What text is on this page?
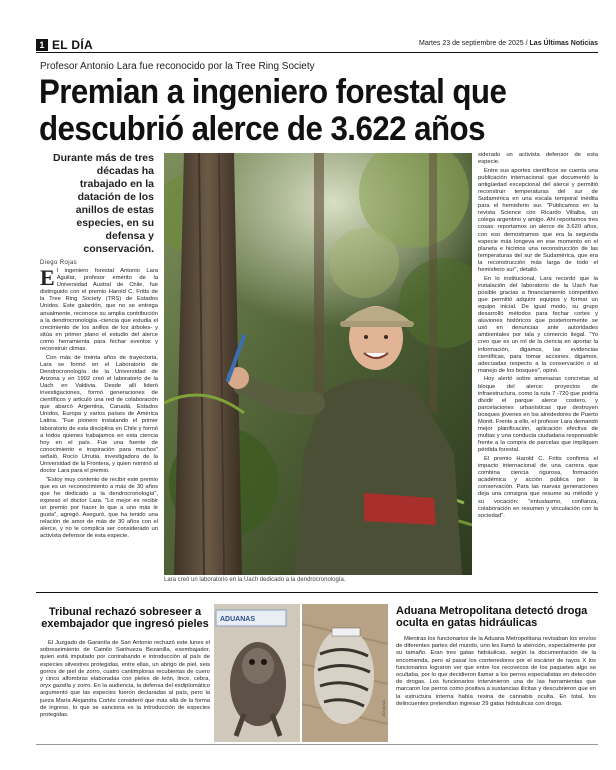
1 EL DÍA	Martes 23 de septiembre de 2025 / Las Últimas Noticias
Profesor Antonio Lara fue reconocido por la Tree Ring Society
Premian a ingeniero forestal que
descubrió alerce de 3.622 años
Durante más de tres décadas ha trabajado en la datación de los anillos de estas especies, en su defensa y conservación.
Diego Rojas

El ingeniero forestal Antonio Lara Aguilar, profesor emérito de la Universidad Austral de Chile, fue distinguido con el premio Harold C. Fritts de la Tree Ring Society (TRS) de Estados Unidos. Este galardón, que no se entrega anualmente, reconoce su amplia contribución a la dendrocronología -ciencia que estudia el crecimiento de los anillos de los árboles- y sitúa en primer plano el estudio del alerce como herramienta para fechar eventos y reconstruir climas.

Con más de treinta años de trayectoria, Lara se formó en el Laboratorio de Dendrocronología de la Universidad de Arizona y en 1992 creó el laboratorio de la Uach en Valdivia. Desde allí lideró investigaciones, formó generaciones de científicos y articuló una red de colaboración que abarcó Argentina, Canadá, Estados Unidos, Europa y varios países de América Latina. "Fue pionero instalando el primer laboratorio de esta disciplina en Chile y formó a todos quienes trabajamos en esta ciencia hoy en el país. Fue una fuente de conocimiento e inspiración para muchos" señaló, Rocío Urrutia, investigadora de la Universidad de la Frontera, y quien nominó al doctor Lara para el premio.

"Estoy muy contento de recibir este premio que es un reconocimiento a más de 30 años que he dedicado a la dendrocronología", expresó el doctor Lara. "Lo mejor es recibir un premio por hacer lo que a uno más le gusta", agregó. Aseguró, que ha tenido una relación de amor de más de 30 años con el alerce, y no le complica ser considerado un activista defensor de esta especie.

Lara creó un laboratorio en la Uach dedicado a la dendrocronología.

siderado un activista defensor de esta especie.

Entre sus aportes científicos se cuenta una publicación internacional que documentó la antigüedad excepcional del alerce y permitió reconstruir temperaturas del sur de Sudamérica en una escala temporal inédita para el hemisferio sur. "Publicamos en la revista Science con Ricardo Villalba, un colega argentino y amigo. Ahí reportamos tres cosas: reportamos un alerce de 3.620 años, con eso demostramos que era la segunda especie más longeva en ese momento en el planeta e hicimos una reconstrucción de las temperaturas del sur de Sudamérica, que era la reconstrucción más larga de todo el hemisferio sur", detalló.

En lo institucional, Lara recordó que la instalación del laboratorio de la Uach fue posible gracias a financiamiento competitivo que permitió adquirir equipos y formar un equipo inicial. De igual modo, su grupo desarrolló métodos para fechar cortes y aluviones históricos que posteriormente se usó en denuncias ante autoridades ambientales por tala y comercio ilegal. "Yo creo que es un rol de la ciencia en aportar la información, digamos, las evidencias científicas, para tomar acciones, digamos, adecuadas respecto a la conservación o al manejo de los bosques", opinó.

Hoy alertó sobre amenazas concretas al bloque del alerce: proyectos de infraestructura, como la ruta 7 -720 que podría dividir el parque alerce costero, y parcelaciones urbanísticas que destruyen bosques jóvenes en los alrededores de Puerto Montt. Frente a ello, el profesor Lara demandó mejor planificación, aplicación efectiva de multas y una conducta ciudadana responsable frente a la compra de parcelas que impliquen pérdida forestal.

El premio Harold C. Fritts confirma el impacto internacional de una carrera que combina ciencia rigurosa, formación académica y acción pública por la conservación. Para las nuevas generaciones deja una consigna que resume su método y su vocación: "entusiasmo, confianza, colaboración en resumen y vinculación con la sociedad".

Tribunal rechazó sobreseer a exembajador que ingresó pieles

El Juzgado de Garantía de San Antonio rechazó este lunes el sobreseimiento de Camilo Sanhueza Bezanilla, exembajador, quien está imputado por contrabando e introducción al país de especies silvestres protegidas, entre ellas, un abrigo de piel, seis gorros de piel de zorro, cuatro cantimploras recubiertas de cuero y cinco alfombras elaboradas con pieles de león, lince, cebra, oryx gazella y zorro. En la audiencia, la defensa del exdiplomático argumentó que las especies fueron declaradas al país, pero la jueza María Alejandra Cortés consideró que más allá de la forma de ingreso, lo que se sanciona es la introducción de especies protegidas.

ADUANAS
ADUANA
Aduana Metropolitana detectó droga oculta en gatas hidráulicas

Mientras los funcionarios de la Aduana Metropolitana revisaban los envíos de diferentes partes del mundo, uno les llamó la atención, especialmente por su tamaño. Eran tres gatas hidráulicas, según la documentación de la encomienda, pero al pasar los contenedores por el escáner de rayos X los funcionarios lograron ver que entre los recovecos de los paquetes algo se ocultaba, por lo que decidieron llamar a los perros especialistas en detección de drogas. Los funcionarios intervinieron una de las herramientas que marcaron los perros como positiva a sustancias ilícitas y descubrieron que en la estructura interna había resina de cannabis oculta. En total, los delincuentes pretendían ingresar 29 gatas hidráulicas con droga.
